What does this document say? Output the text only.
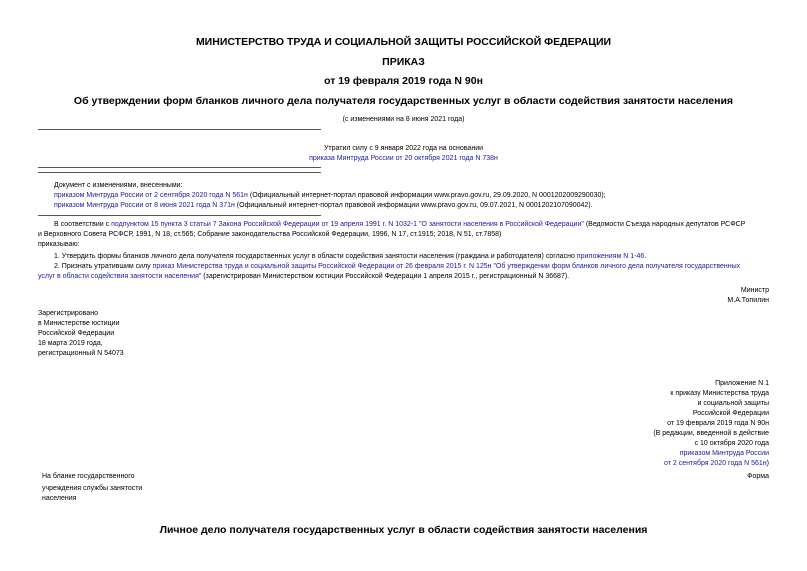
МИНИСТЕРСТВО ТРУДА И СОЦИАЛЬНОЙ ЗАЩИТЫ РОССИЙСКОЙ ФЕДЕРАЦИИ
ПРИКАЗ
от 19 февраля 2019 года N 90н
Об утверждении форм бланков личного дела получателя государственных услуг в области содействия занятости населения
(с изменениями на 8 июня 2021 года)
Утратил силу с 9 января 2022 года на основании
приказа Минтруда России от 20 октября 2021 года N 738н
Документ с изменениями, внесенными:
приказом Минтруда России от 2 сентября 2020 года N 561н (Официальный интернет-портал правовой информации www.pravo.gov.ru, 29.09.2020, N 0001202009290030);
приказом Минтруда России от 8 июня 2021 года N 371н (Официальный интернет-портал правовой информации www.pravo.gov.ru, 09.07.2021, N 0001202107090042).
В соответствии с подпунктом 15 пункта 3 статьи 7 Закона Российской Федерации от 19 апреля 1991 г. N 1032-1 "О занятости населения в Российской Федерации" (Ведомости Съезда народных депутатов РСФСР
и Верховного Совета РСФСР, 1991, N 18, ст.565; Собрание законодательства Российской Федерации, 1996, N 17, ст.1915; 2018, N 51, ст.7858)
приказываю:
1. Утвердить формы бланков личного дела получателя государственных услуг в области содействия занятости населения (граждана и работодателя) согласно приложениям N 1-46.
2. Признать утратившим силу приказ Министерства труда и социальной защиты Российской Федерации от 26 февраля 2015 г. N 125н "Об утверждении форм бланков личного дела получателя государственных
услуг в области содействия занятости населения" (зарегистрирован Министерством юстиции Российской Федерации 1 апреля 2015 г., регистрационный N 36687).
Министр
М.А.Топилин
Зарегистрировано
в Министерстве юстиции
Российской Федерации
18 марта 2019 года,
регистрационный N 54073
Приложение N 1
к приказу Министерства труда
и социальной защиты
Российской Федерации
от 19 февраля 2019 года N 90н
(В редакции, введенной в действие
с 10 октября 2020 года
приказом Минтруда России
от 2 сентября 2020 года N 561н)
На бланке государственного
учреждения службы занятости
населения
Форма
Личное дело получателя государственных услуг в области содействия занятости населения
